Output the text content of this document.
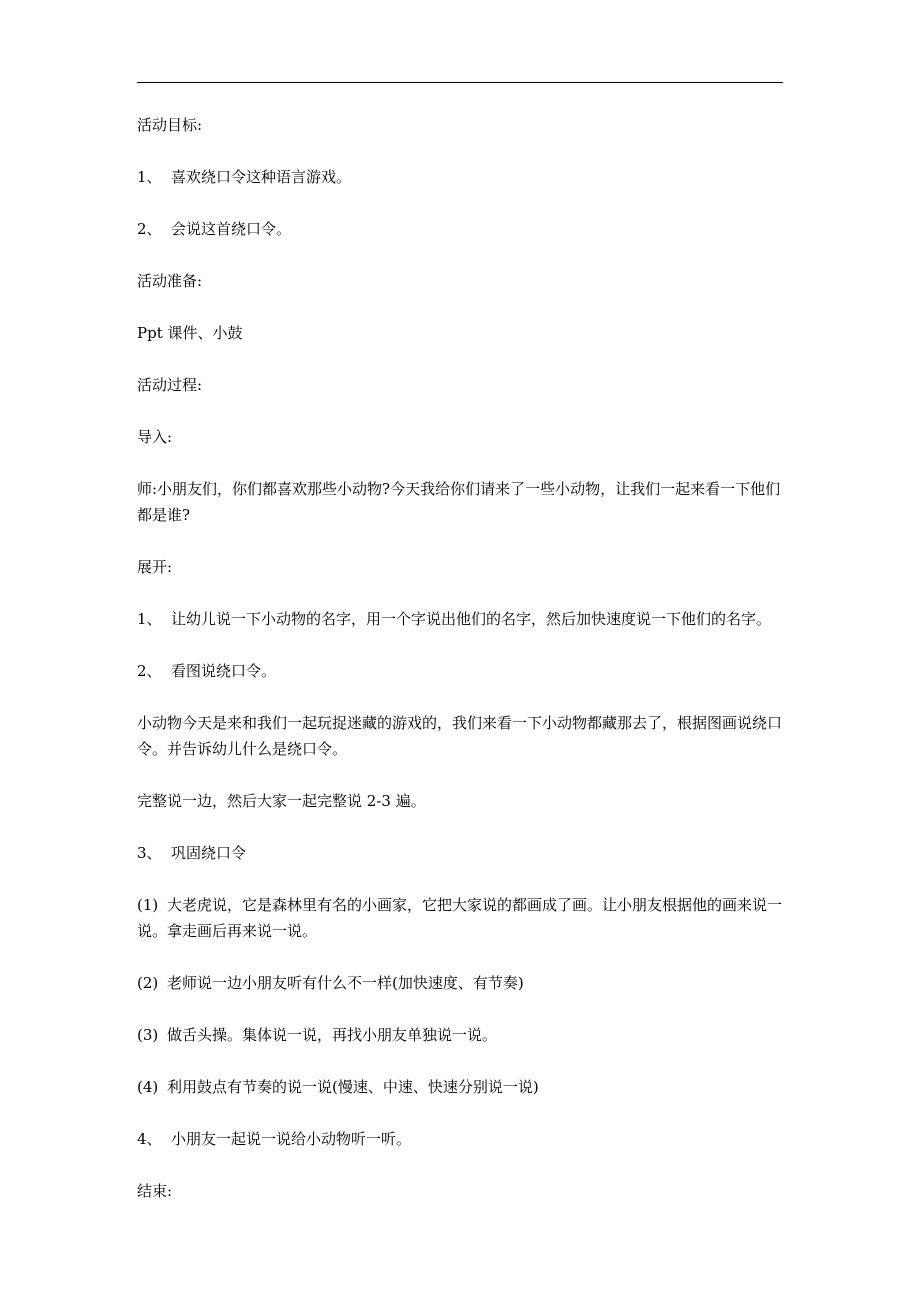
活动目标:

1、 喜欢绕口令这种语言游戏。

2、 会说这首绕口令。

活动准备:

Ppt 课件、小鼓

活动过程:

导入:

师:小朋友们，你们都喜欢那些小动物?今天我给你们请来了一些小动物，让我们一起来看一下他们都是谁?

展开:

1、 让幼儿说一下小动物的名字，用一个字说出他们的名字，然后加快速度说一下他们的名字。

2、 看图说绕口令。

小动物今天是来和我们一起玩捉迷藏的游戏的，我们来看一下小动物都藏那去了，根据图画说绕口令。并告诉幼儿什么是绕口令。

完整说一边，然后大家一起完整说 2-3 遍。

3、 巩固绕口令

(1) 大老虎说，它是森林里有名的小画家，它把大家说的都画成了画。让小朋友根据他的画来说一说。拿走画后再来说一说。

(2) 老师说一边小朋友听有什么不一样(加快速度、有节奏)

(3) 做舌头操。集体说一说，再找小朋友单独说一说。

(4) 利用鼓点有节奏的说一说(慢速、中速、快速分别说一说)

4、 小朋友一起说一说给小动物听一听。

结束:
